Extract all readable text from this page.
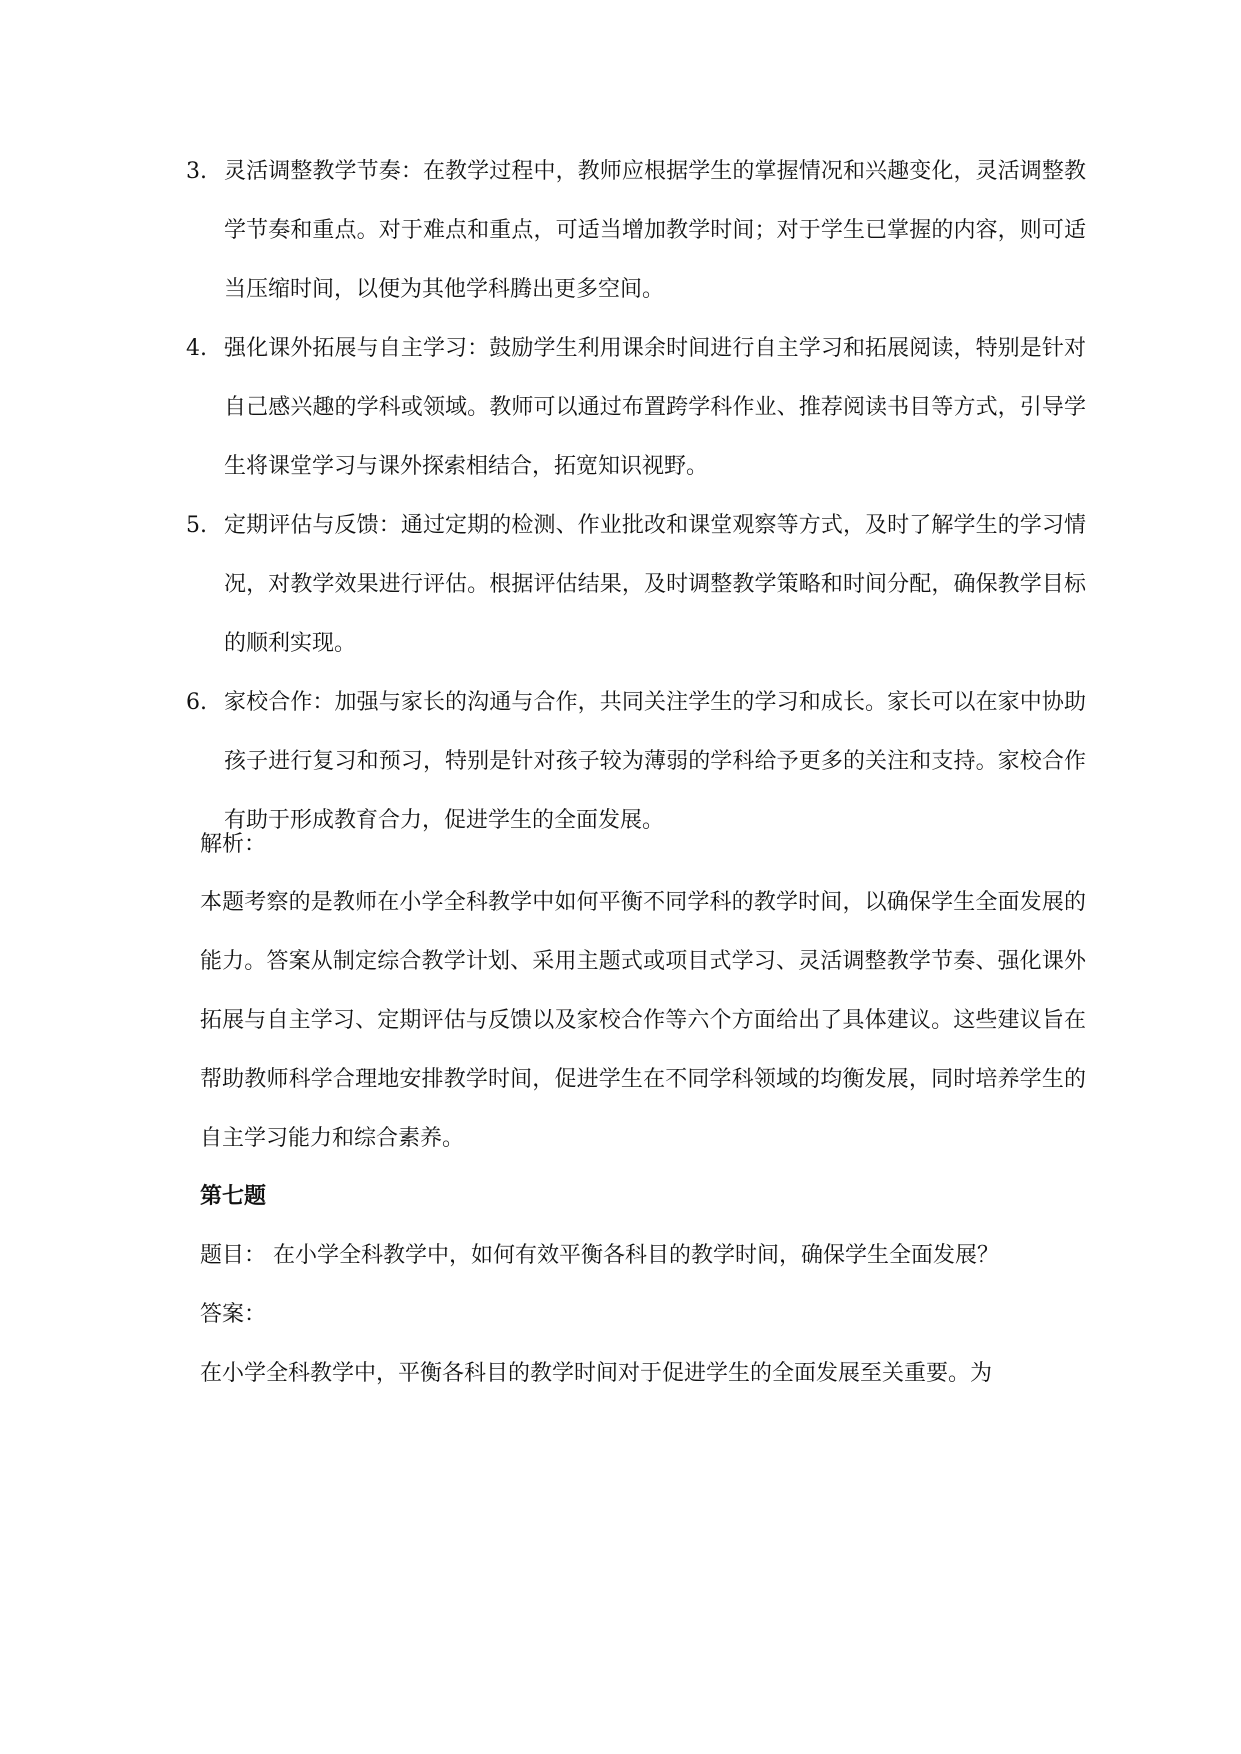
3. 灵活调整教学节奏：在教学过程中，教师应根据学生的掌握情况和兴趣变化，灵活调整教学节奏和重点。对于难点和重点，可适当增加教学时间；对于学生已掌握的内容，则可适当压缩时间，以便为其他学科腾出更多空间。
4. 强化课外拓展与自主学习：鼓励学生利用课余时间进行自主学习和拓展阅读，特别是针对自己感兴趣的学科或领域。教师可以通过布置跨学科作业、推荐阅读书目等方式，引导学生将课堂学习与课外探索相结合，拓宽知识视野。
5. 定期评估与反馈：通过定期的检测、作业批改和课堂观察等方式，及时了解学生的学习情况，对教学效果进行评估。根据评估结果，及时调整教学策略和时间分配，确保教学目标的顺利实现。
6. 家校合作：加强与家长的沟通与合作，共同关注学生的学习和成长。家长可以在家中协助孩子进行复习和预习，特别是针对孩子较为薄弱的学科给予更多的关注和支持。家校合作有助于形成教育合力，促进学生的全面发展。

解析：

本题考察的是教师在小学全科教学中如何平衡不同学科的教学时间，以确保学生全面发展的能力。答案从制定综合教学计划、采用主题式或项目式学习、灵活调整教学节奏、强化课外拓展与自主学习、定期评估与反馈以及家校合作等六个方面给出了具体建议。这些建议旨在帮助教师科学合理地安排教学时间，促进学生在不同学科领域的均衡发展，同时培养学生的自主学习能力和综合素养。

第七题

题目： 在小学全科教学中，如何有效平衡各科目的教学时间，确保学生全面发展？

答案：

在小学全科教学中，平衡各科目的教学时间对于促进学生的全面发展至关重要。为
